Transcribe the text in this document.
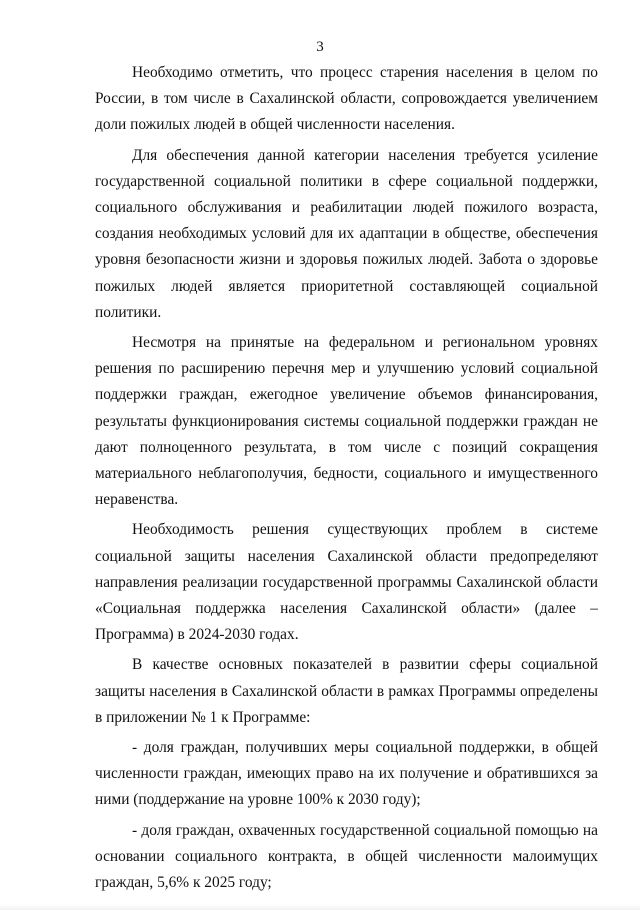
3

Необходимо отметить, что процесс старения населения в целом по России, в том числе в Сахалинской области, сопровождается увеличением доли пожилых людей в общей численности населения.

Для обеспечения данной категории населения требуется усиление государственной социальной политики в сфере социальной поддержки, социального обслуживания и реабилитации людей пожилого возраста, создания необходимых условий для их адаптации в обществе, обеспечения уровня безопасности жизни и здоровья пожилых людей. Забота о здоровье пожилых людей является приоритетной составляющей социальной политики.

Несмотря на принятые на федеральном и региональном уровнях решения по расширению перечня мер и улучшению условий социальной поддержки граждан, ежегодное увеличение объемов финансирования, результаты функционирования системы социальной поддержки граждан не дают полноценного результата, в том числе с позиций сокращения материального неблагополучия, бедности, социального и имущественного неравенства.

Необходимость решения существующих проблем в системе социальной защиты населения Сахалинской области предопределяют направления реализации государственной программы Сахалинской области «Социальная поддержка населения Сахалинской области» (далее – Программа) в 2024-2030 годах.

В качестве основных показателей в развитии сферы социальной защиты населения в Сахалинской области в рамках Программы определены в приложении № 1 к Программе:

- доля граждан, получивших меры социальной поддержки, в общей численности граждан, имеющих право на их получение и обратившихся за ними (поддержание на уровне 100% к 2030 году);

- доля граждан, охваченных государственной социальной помощью на основании социального контракта, в общей численности малоимущих граждан, 5,6% к 2025 году;
